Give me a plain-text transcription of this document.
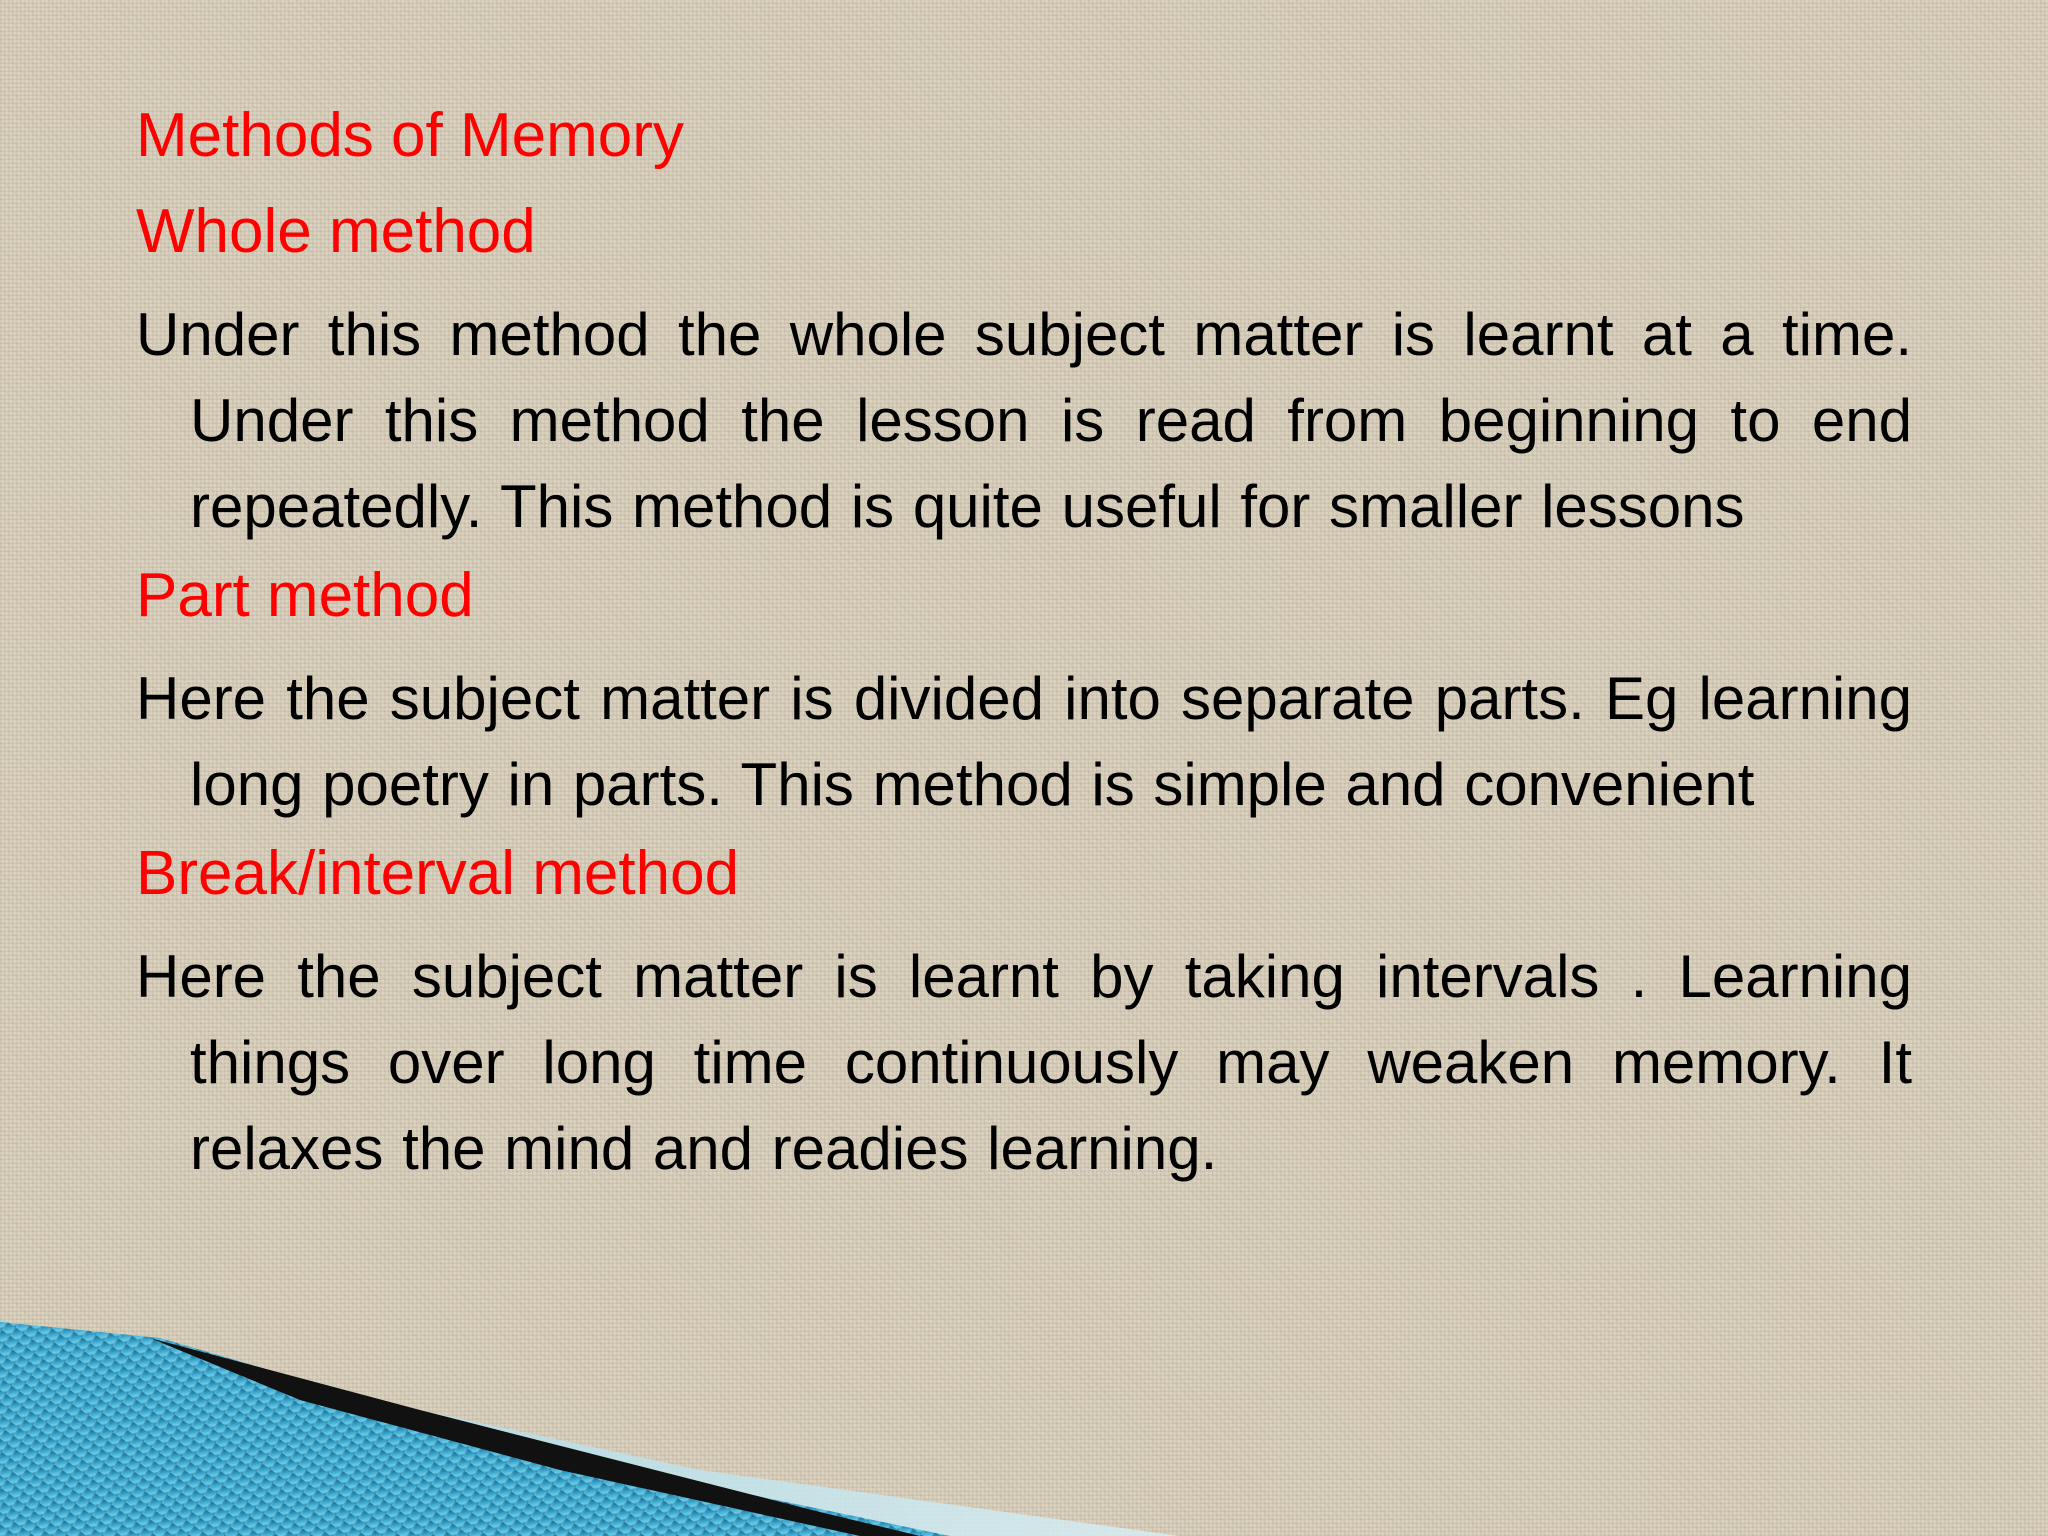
Methods of Memory
Whole method
Under this method the whole subject matter is learnt at a time. Under this method the lesson is read from beginning to end repeatedly. This method is quite useful for smaller lessons
Part method
Here the subject matter is divided into separate parts. Eg learning long poetry in parts. This method is simple and convenient
Break/interval method
Here the subject matter is learnt by taking intervals . Learning things over long time continuously may weaken memory. It relaxes the mind and readies learning.
